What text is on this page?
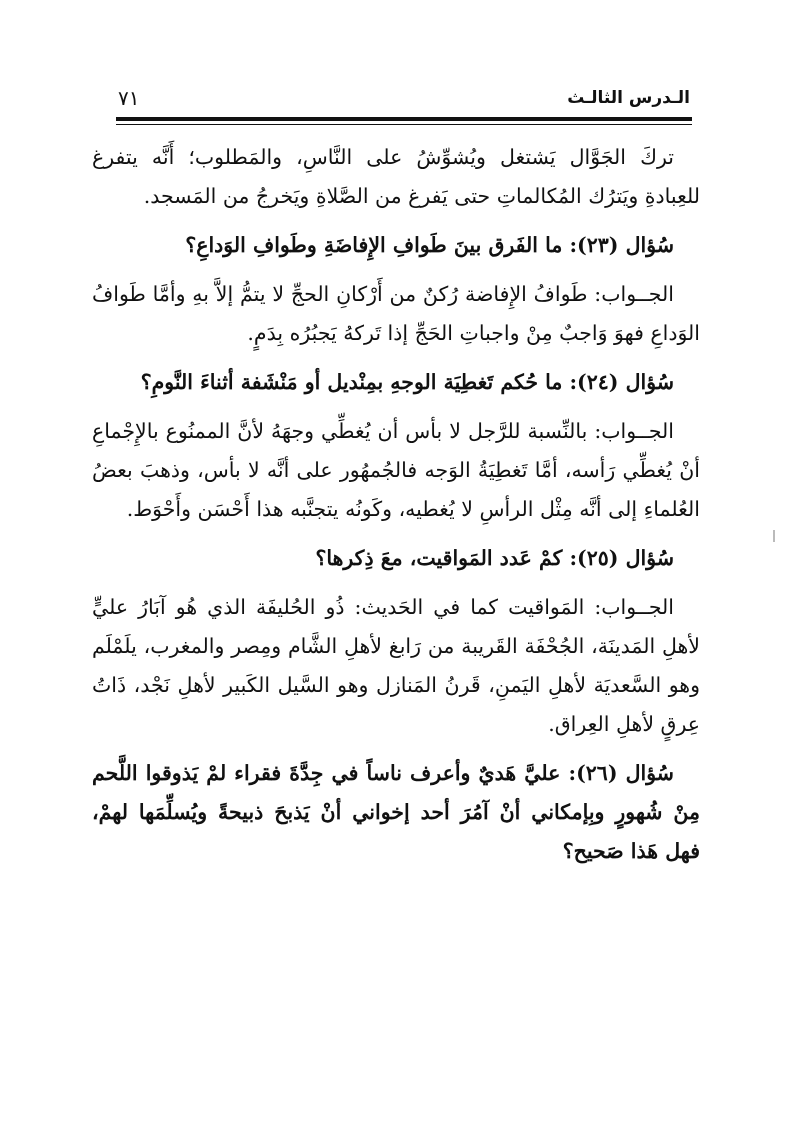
الـدرس الثالـث
٧١

تركَ الجَوَّال يَشتغل ويُشوِّشُ على النَّاسِ، والمَطلوب؛ أَنَّه يتفرغ للعِبادةِ ويَترُك المُكالماتِ حتى يَفرغ من الصَّلاةِ ويَخرجُ من المَسجد.

سُؤال (٢٣): ما الفَرق بينَ طَوافِ الإِفاضَةِ وطَوافِ الوَداعِ؟

الجــواب: طَوافُ الإِفاضة رُكنٌ من أَرْكانِ الحجِّ لا يتمُّ إلاَّ بهِ وأمَّا طَوافُ الوَداعِ فهوَ وَاجبٌ مِنْ واجباتِ الحَجِّ إذا تَركهُ يَجبُرُه بِدَمٍ.

سُؤال (٢٤): ما حُكم تَغطِيَة الوجهِ بمِنْديل أو مَنْشَفة أثناءَ النَّومِ؟

الجــواب: بالنِّسبة للرَّجل لا بأس أن يُغطِّي وجهَهُ لأنَّ الممنُوع بالإِجْماعِ أنْ يُغطِّي رَأسه، أمَّا تَغطِيَةُ الوَجه فالجُمهُور على أنَّه لا بأس، وذهبَ بعضُ العُلماءِ إلى أنَّه مِثْل الرأسِ لا يُغطيه، وكَونُه يتجنَّبه هذا أَحْسَن وأَحْوَط.

سُؤال (٢٥): كمْ عَدد المَواقيت، معَ ذِكرها؟

الجــواب: المَواقيت كما في الحَديث: ذُو الحُليفَة الذي هُو آبَارُ عليٍّ لأهلِ المَدينَة، الجُحْفَة القَريبة من رَابغ لأهلِ الشَّام ومِصر والمغرب، يلَمْلَم وهو السَّعديَة لأهلِ اليَمنِ، قَرنُ المَنازل وهو السَّيل الكَبير لأهلِ نَجْد، ذَاتُ عِرقٍ لأهلِ العِراق.

سُؤال (٢٦): عليَّ هَديٌ وأعرف ناساً في جِدَّةَ فقراء لمْ يَذوقوا اللَّحم مِنْ شُهورٍ وبِإمكاني أنْ آمُرَ أحد إخواني أنْ يَذبحَ ذبيحةً ويُسلِّمَها لهمْ، فهل هَذا صَحيح؟
